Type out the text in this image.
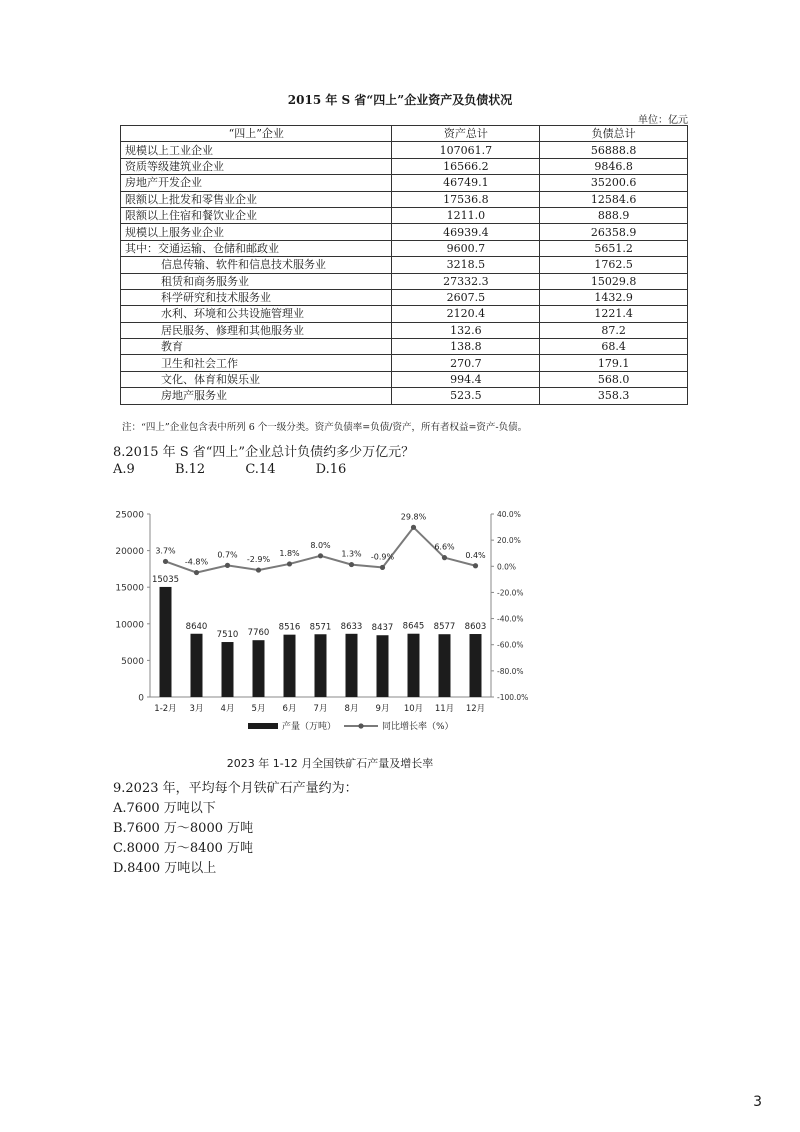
2015 年 S 省“四上”企业资产及负债状况
单位：亿元
“四上”企业	资产总计	负债总计
规模以上工业企业	107061.7	56888.8
资质等级建筑业企业	16566.2	9846.8
房地产开发企业	46749.1	35200.6
限额以上批发和零售业企业	17536.8	12584.6
限额以上住宿和餐饮业企业	1211.0	888.9
规模以上服务业企业	46939.4	26358.9
其中：交通运输、仓储和邮政业	9600.7	5651.2
信息传输、软件和信息技术服务业	3218.5	1762.5
租赁和商务服务业	27332.3	15029.8
科学研究和技术服务业	2607.5	1432.9
水利、环境和公共设施管理业	2120.4	1221.4
居民服务、修理和其他服务业	132.6	87.2
教育	138.8	68.4
卫生和社会工作	270.7	179.1
文化、体育和娱乐业	994.4	568.0
房地产服务业	523.5	358.3
注：“四上”企业包含表中所列 6 个一级分类。资产负债率=负债/资产，所有者权益=资产-负债。
8.2015 年 S 省“四上”企业总计负债约多少万亿元？
A.9	B.12	C.14	D.16
0
5000
10000
15000
20000
25000
-100.0%
-80.0%
-60.0%
-40.0%
-20.0%
0.0%
20.0%
40.0%
15035
1-2月
8640
3月
7510
4月
7760
5月
8516
6月
8571
7月
8633
8月
8437
9月
8645
10月
8577
11月
8603
12月
3.7%
-4.8%
0.7%
-2.9%
1.8%
8.0%
1.3% -0.9%
29.8%
6.6%
0.4%
产量（万吨）	同比增长率（%）
2023 年 1-12 月全国铁矿石产量及增长率
9.2023 年，平均每个月铁矿石产量约为：
A.7600 万吨以下
B.7600 万～8000 万吨
C.8000 万～8400 万吨
D.8400 万吨以上
3
